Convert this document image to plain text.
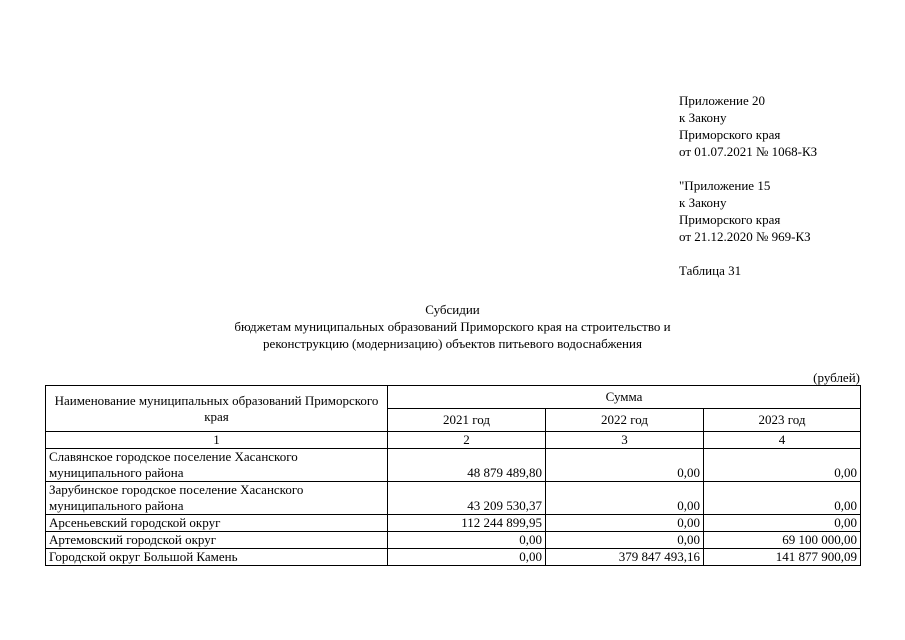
Приложение 20
к Закону
Приморского края
от 01.07.2021 № 1068-КЗ
"Приложение 15
к Закону
Приморского края
от 21.12.2020 № 969-КЗ
Таблица 31
Субсидии
бюджетам муниципальных образований Приморского края на строительство и
реконструкцию (модернизацию) объектов питьевого водоснабжения
(рублей)
Наименование муниципальных образований Приморского края	Сумма		
	2021 год	2022 год	2023 год
1	2	3	4
Славянское городское поселение Хасанского муниципального района	48 879 489,80	0,00	0,00
Зарубинское городское поселение Хасанского муниципального района	43 209 530,37	0,00	0,00
Арсеньевский городской округ	112 244 899,95	0,00	0,00
Артемовский городской округ	0,00	0,00	69 100 000,00
Городской округ Большой Камень	0,00	379 847 493,16	141 877 900,09
